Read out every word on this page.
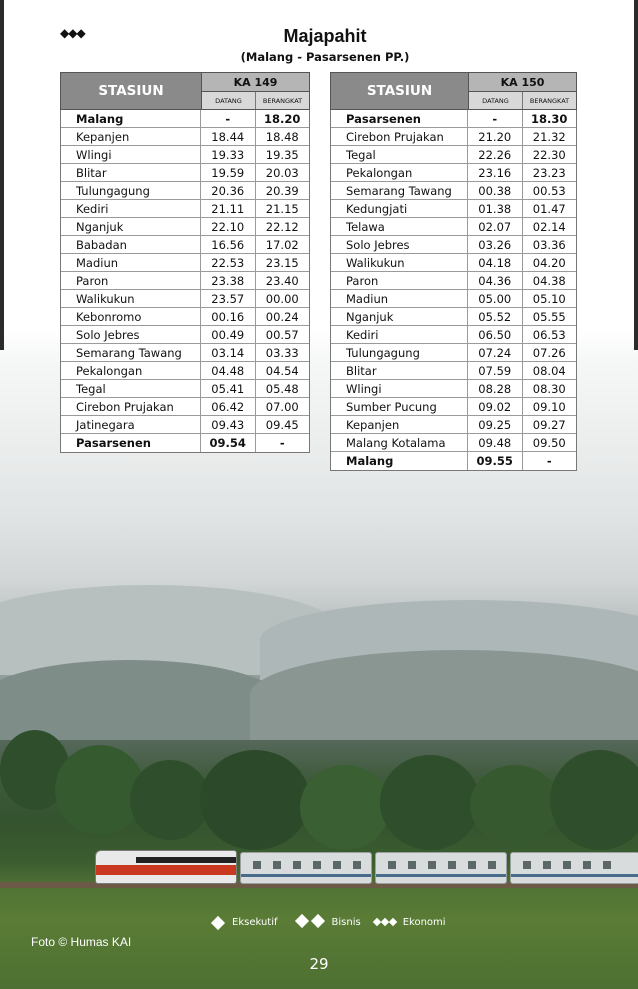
◆◆◆	Majapahit
(Malang - Pasarsenen PP.)
STASIUN
KA 149
DATANG	BERANGKAT
Malang	-	18.20
Kepanjen	18.44	18.48
Wlingi	19.33	19.35
Blitar	19.59	20.03
Tulungagung	20.36	20.39
Kediri	21.11	21.15
Nganjuk	22.10	22.12
Babadan	16.56	17.02
Madiun	22.53	23.15
Paron	23.38	23.40
Walikukun	23.57	00.00
Kebonromo	00.16	00.24
Solo Jebres	00.49	00.57
Semarang Tawang	03.14	03.33
Pekalongan	04.48	04.54
Tegal	05.41	05.48
Cirebon Prujakan	06.42	07.00
Jatinegara	09.43	09.45
Pasarsenen	09.54	-
STASIUN
KA 150
DATANG	BERANGKAT
Pasarsenen	-	18.30
Cirebon Prujakan	21.20	21.32
Tegal	22.26	22.30
Pekalongan	23.16	23.23
Semarang Tawang	00.38	00.53
Kedungjati	01.38	01.47
Telawa	02.07	02.14
Solo Jebres	03.26	03.36
Walikukun	04.18	04.20
Paron	04.36	04.38
Madiun	05.00	05.10
Nganjuk	05.52	05.55
Kediri	06.50	06.53
Tulungagung	07.24	07.26
Blitar	07.59	08.04
Wlingi	08.28	08.30
Sumber Pucung	09.02	09.10
Kepanjen	09.25	09.27
Malang Kotalama	09.48	09.50
Malang	09.55	-
Eksekutif	Bisnis	Ekonomi
Foto © Humas KAI
29
